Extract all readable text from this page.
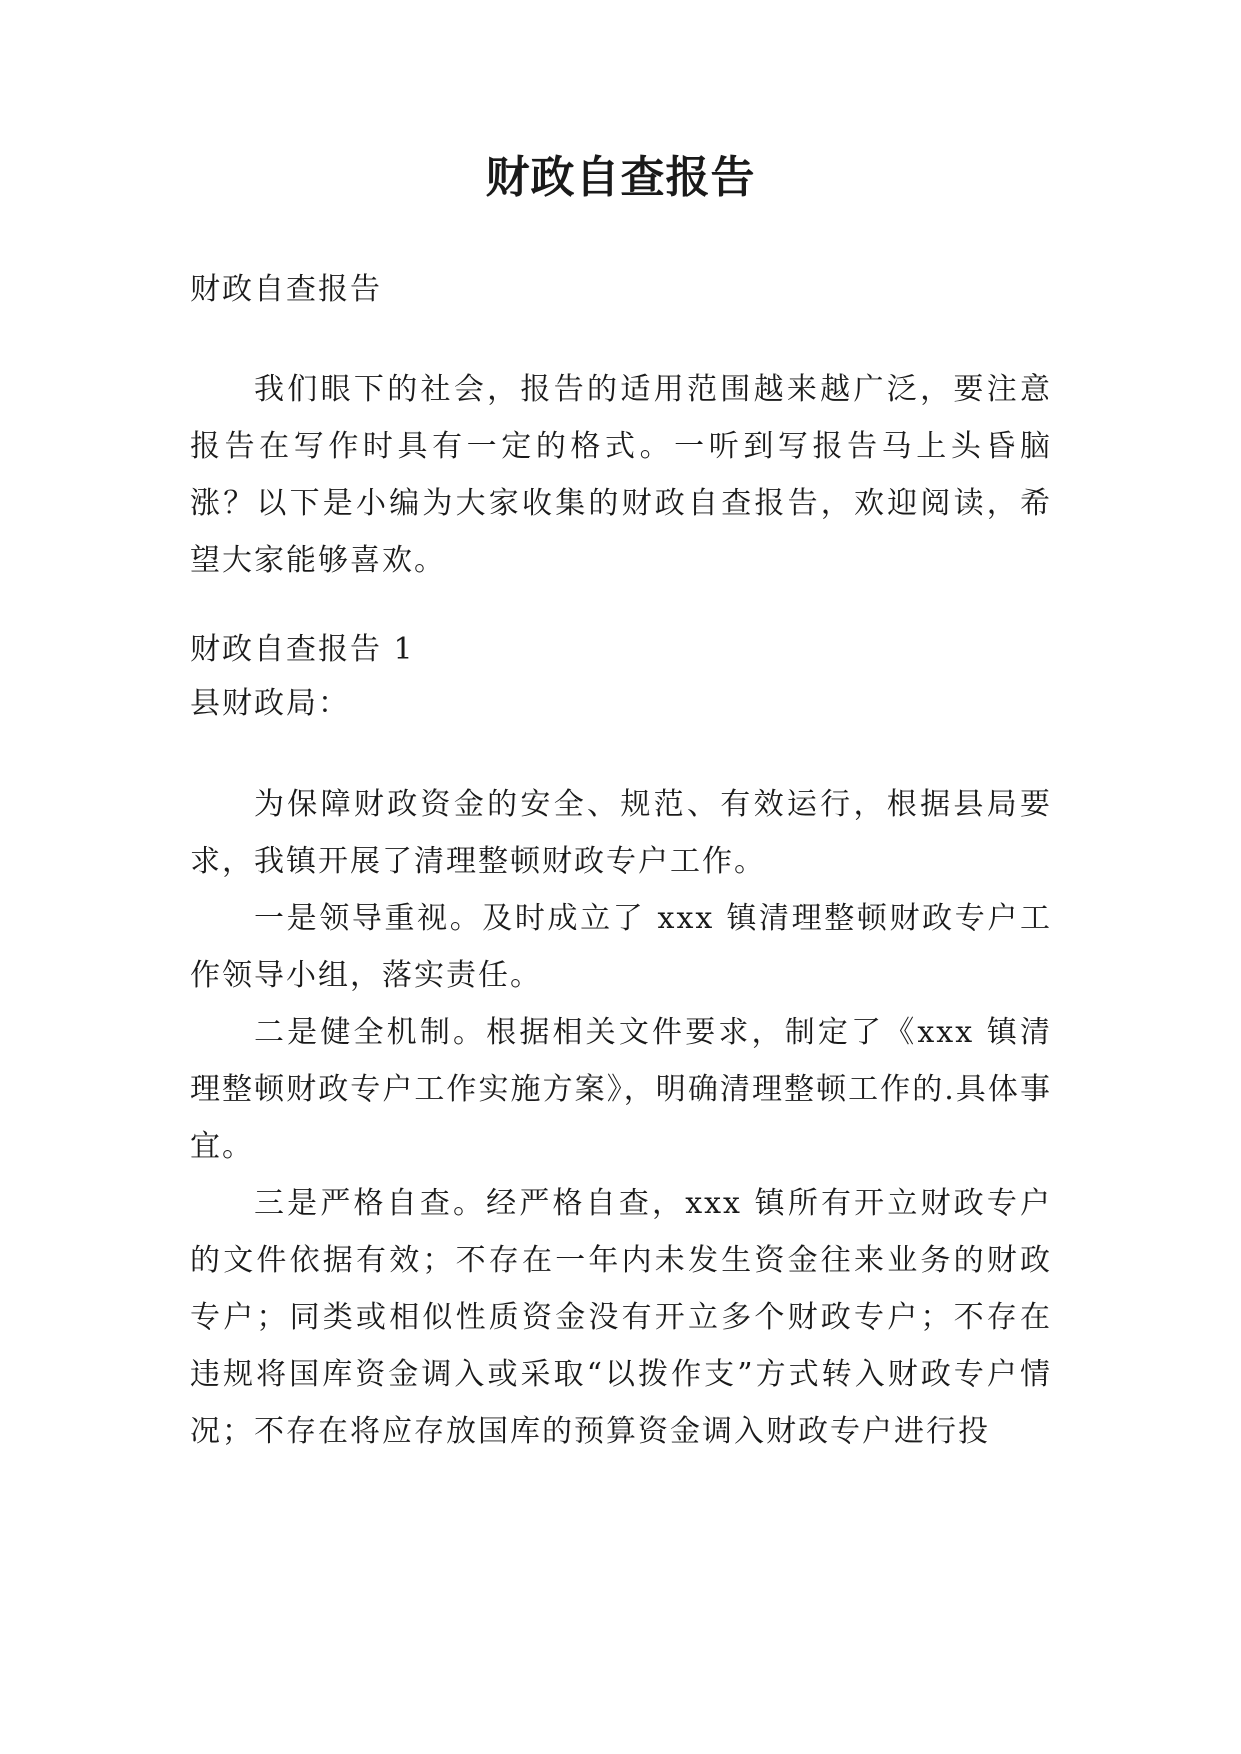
财政自查报告
财政自查报告
我们眼下的社会，报告的适用范围越来越广泛，要注意报告在写作时具有一定的格式。一听到写报告马上头昏脑涨？以下是小编为大家收集的财政自查报告，欢迎阅读，希望大家能够喜欢。
财政自查报告 1
县财政局：

为保障财政资金的安全、规范、有效运行，根据县局要求，我镇开展了清理整顿财政专户工作。

一是领导重视。及时成立了 xxx 镇清理整顿财政专户工作领导小组，落实责任。

二是健全机制。根据相关文件要求，制定了《xxx 镇清理整顿财政专户工作实施方案》，明确清理整顿工作的.具体事宜。

三是严格自查。经严格自查，xxx 镇所有开立财政专户的文件依据有效；不存在一年内未发生资金往来业务的财政专户；同类或相似性质资金没有开立多个财政专户；不存在违规将国库资金调入或采取“以拨作支”方式转入财政专户情况；不存在将应存放国库的预算资金调入财政专户进行投
